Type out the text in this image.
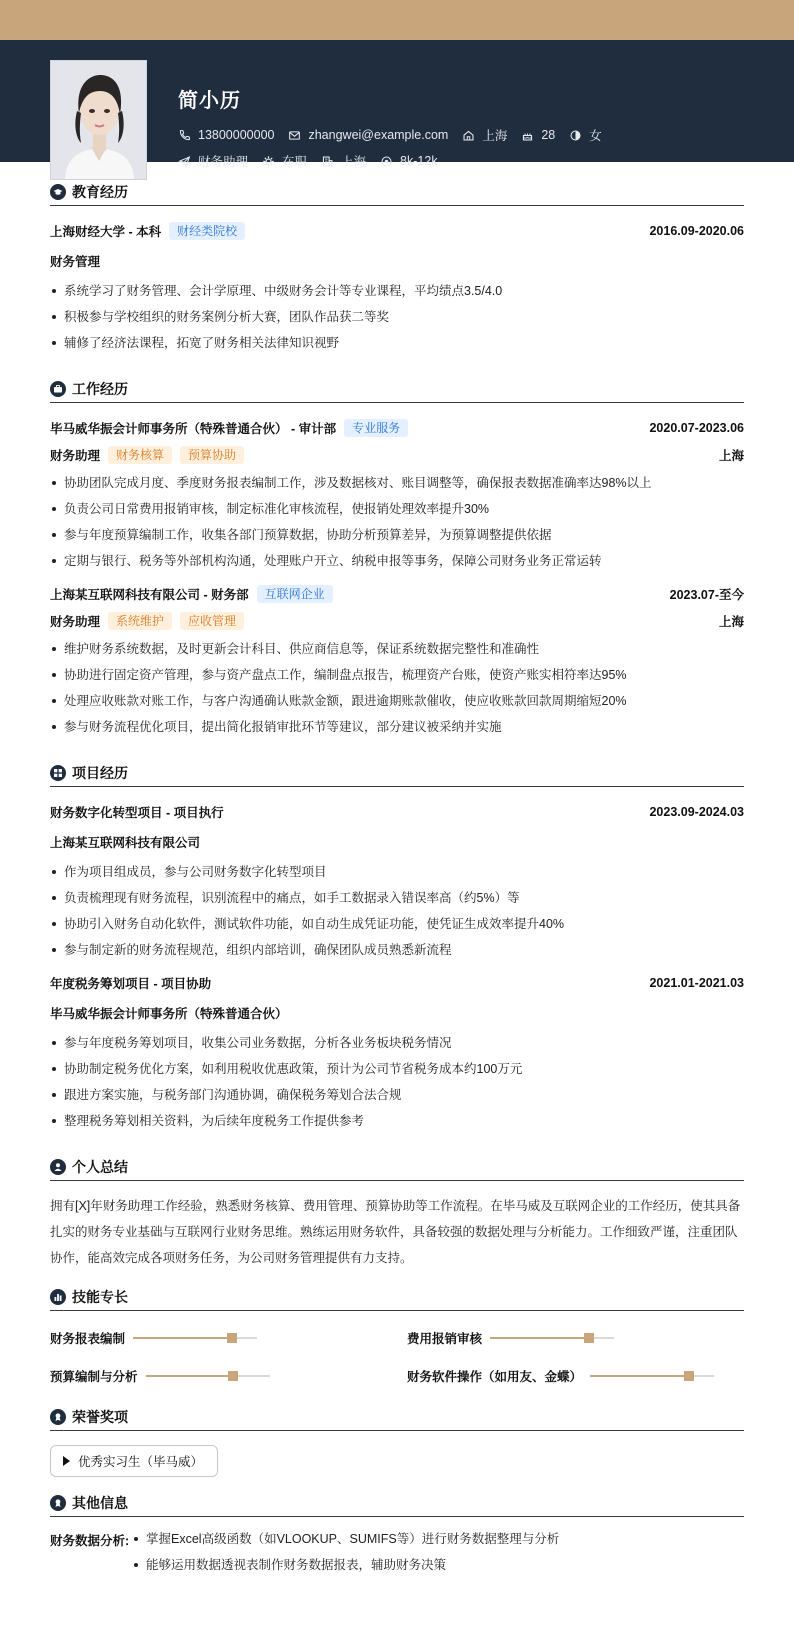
简小历
13800000000	zhangwei@example.com	上海	28	女
财务助理	在职	上海	8k-12k
教育经历
上海财经大学 - 本科	财经类院校	2016.09-2020.06
财务管理
系统学习了财务管理、会计学原理、中级财务会计等专业课程，平均绩点3.5/4.0
积极参与学校组织的财务案例分析大赛，团队作品获二等奖
辅修了经济法课程，拓宽了财务相关法律知识视野
工作经历
毕马威华振会计师事务所（特殊普通合伙） - 审计部	专业服务	2020.07-2023.06
财务助理	财务核算	预算协助	上海
协助团队完成月度、季度财务报表编制工作，涉及数据核对、账目调整等，确保报表数据准确率达98%以上
负责公司日常费用报销审核，制定标准化审核流程，使报销处理效率提升30%
参与年度预算编制工作，收集各部门预算数据，协助分析预算差异，为预算调整提供依据
定期与银行、税务等外部机构沟通，处理账户开立、纳税申报等事务，保障公司财务业务正常运转
上海某互联网科技有限公司 - 财务部	互联网企业	2023.07-至今
财务助理	系统维护	应收管理	上海
维护财务系统数据，及时更新会计科目、供应商信息等，保证系统数据完整性和准确性
协助进行固定资产管理，参与资产盘点工作，编制盘点报告，梳理资产台账，使资产账实相符率达95%
处理应收账款对账工作，与客户沟通确认账款金额，跟进逾期账款催收，使应收账款回款周期缩短20%
参与财务流程优化项目，提出简化报销审批环节等建议，部分建议被采纳并实施
项目经历
财务数字化转型项目 - 项目执行	2023.09-2024.03
上海某互联网科技有限公司
作为项目组成员，参与公司财务数字化转型项目
负责梳理现有财务流程，识别流程中的痛点，如手工数据录入错误率高（约5%）等
协助引入财务自动化软件，测试软件功能，如自动生成凭证功能，使凭证生成效率提升40%
参与制定新的财务流程规范，组织内部培训，确保团队成员熟悉新流程
年度税务筹划项目 - 项目协助	2021.01-2021.03
毕马威华振会计师事务所（特殊普通合伙）
参与年度税务筹划项目，收集公司业务数据，分析各业务板块税务情况
协助制定税务优化方案，如利用税收优惠政策，预计为公司节省税务成本约100万元
跟进方案实施，与税务部门沟通协调，确保税务筹划合法合规
整理税务筹划相关资料，为后续年度税务工作提供参考
个人总结

拥有[X]年财务助理工作经验，熟悉财务核算、费用管理、预算协助等工作流程。在毕马威及互联网企业的工作经历，使其具备扎实的财务专业基础与互联网行业财务思维。熟练运用财务软件，具备较强的数据处理与分析能力。工作细致严谨，注重团队协作，能高效完成各项财务任务，为公司财务管理提供有力支持。

技能专长
财务报表编制	费用报销审核
预算编制与分析	财务软件操作（如用友、金蝶）
荣誉奖项
优秀实习生（毕马威）
其他信息
财务数据分析:	掌握Excel高级函数（如VLOOKUP、SUMIFS等）进行财务数据整理与分析
能够运用数据透视表制作财务数据报表，辅助财务决策
